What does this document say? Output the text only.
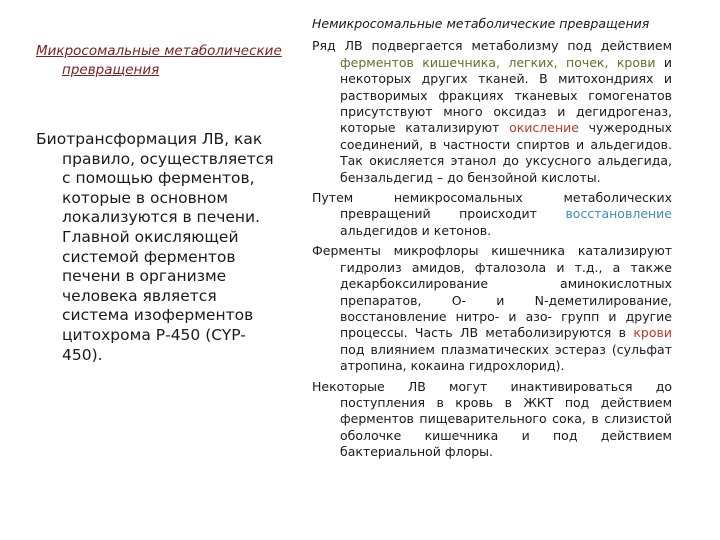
Микросомальные метаболические превращения
Биотрансформация ЛВ, как правило, осуществляется с помощью ферментов, которые в основном локализуются в печени. Главной окисляющей системой ферментов печени в организме человека является система изоферментов цитохрома Р-450 (CYP-450).
Немикросомальные метаболические превращения
Ряд ЛВ подвергается метаболизму под действием ферментов кишечника, легких, почек, крови и некоторых других тканей. В митохондриях и растворимых фракциях тканевых гомогенатов присутствуют много оксидаз и дегидрогеназ, которые катализируют окисление чужеродных соединений, в частности спиртов и альдегидов. Так окисляется этанол до уксусного альдегида, бензальдегид – до бензойной кислоты.
Путем немикросомальных метаболических превращений происходит восстановление альдегидов и кетонов.
Ферменты микрофлоры кишечника катализируют гидролиз амидов, фталозола и т.д., а также декарбоксилирование аминокислотных препаратов, О- и N-деметилирование, восстановление нитро- и азо- групп и другие процессы. Часть ЛВ метаболизируются в крови под влиянием плазматических эстераз (сульфат атропина, кокаина гидрохлорид).
Некоторые ЛВ могут инактивироваться до поступления в кровь в ЖКТ под действием ферментов пищеварительного сока, в слизистой оболочке кишечника и под действием бактериальной флоры.
